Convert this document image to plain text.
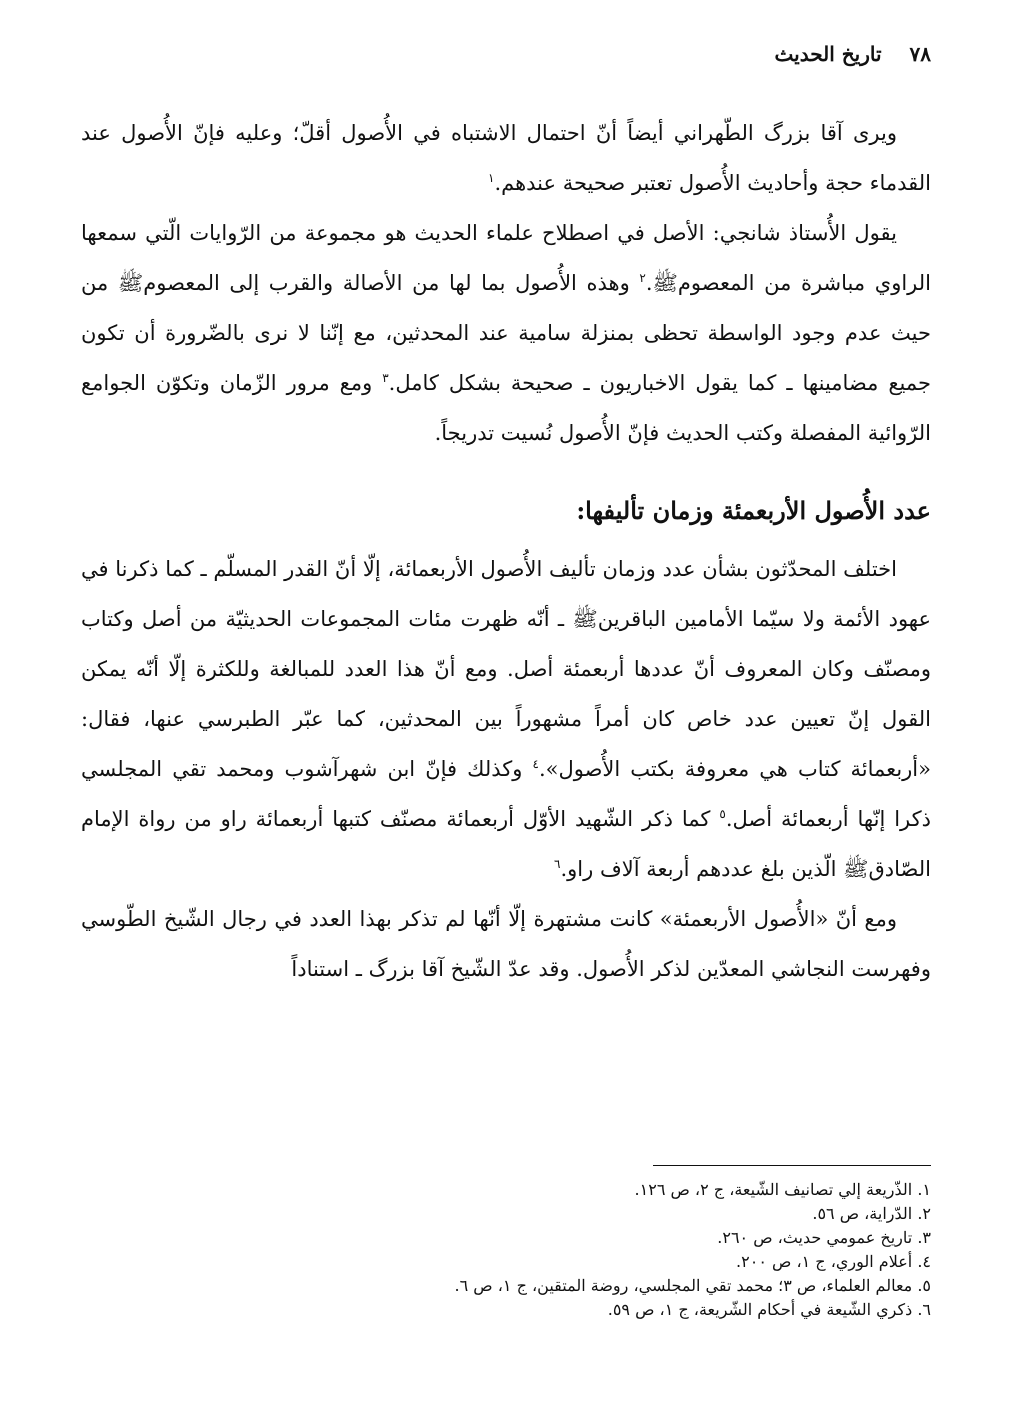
٧٨
تاريخ الحديث

ويرى آقا بزرگ الطّهراني أيضاً أنّ احتمال الاشتباه في الأُصول أقلّ؛ وعليه فإنّ الأُصول عند القدماء حجة وأحاديث الأُصول تعتبر صحيحة عندهم.$^١$

يقول الأُستاذ شانجي: الأصل في اصطلاح علماء الحديث هو مجموعة من الرّوايات الّتي سمعها الراوي مباشرة من المعصومﷺ.$^٢$ وهذه الأُصول بما لها من الأصالة والقرب إلى المعصومﷺ من حيث عدم وجود الواسطة تحظى بمنزلة سامية عند المحدثين، مع إنّنا لا نرى بالضّرورة أن تكون جميع مضامينها ـ كما يقول الاخباريون ـ صحيحة بشكل كامل.$^٣$ ومع مرور الزّمان وتكوّن الجوامع الرّوائية المفصلة وكتب الحديث فإنّ الأُصول نُسيت تدريجاً.

عدد الأُصول الأربعمئة وزمان تأليفها:

اختلف المحدّثون بشأن عدد وزمان تأليف الأُصول الأربعمائة، إلّا أنّ القدر المسلّم ـ كما ذكرنا في عهود الأئمة ولا سيّما الأمامين الباقرينﷺ ـ أنّه ظهرت مئات المجموعات الحديثيّة من أصل وكتاب ومصنّف وكان المعروف أنّ عددها أربعمئة أصل. ومع أنّ هذا العدد للمبالغة وللكثرة إلّا أنّه يمكن القول إنّ تعيين عدد خاص كان أمراً مشهوراً بين المحدثين، كما عبّر الطبرسي عنها، فقال: «أربعمائة كتاب هي معروفة بكتب الأُصول».$^٤$ وكذلك فإنّ ابن شهرآشوب ومحمد تقي المجلسي ذكرا إنّها أربعمائة أصل.$^٥$ كما ذكر الشّهيد الأوّل أربعمائة مصنّف كتبها أربعمائة راو من رواة الإمام الصّادقﷺ الّذين بلغ عددهم أربعة آلاف راو.$^٦$

ومع أنّ «الأُصول الأربعمئة» كانت مشتهرة إلّا أنّها لم تذكر بهذا العدد في رجال الشّيخ الطّوسي وفهرست النجاشي المعدّين لذكر الأُصول. وقد عدّ الشّيخ آقا بزرگ ـ استناداً

١. الذّريعة إلي تصانيف الشّيعة، ج ٢، ص ١٢٦.
٢. الدّراية، ص ٥٦.
٣. تاريخ عمومي حديث، ص ٢٦٠.
٤. أعلام الوري، ج ١، ص ٢٠٠.
٥. معالم العلماء، ص ٣؛ محمد تقي المجلسي، روضة المتقين، ج ١، ص ٦.
٦. ذكري الشّيعة في أحكام الشّريعة، ج ١، ص ٥٩.
